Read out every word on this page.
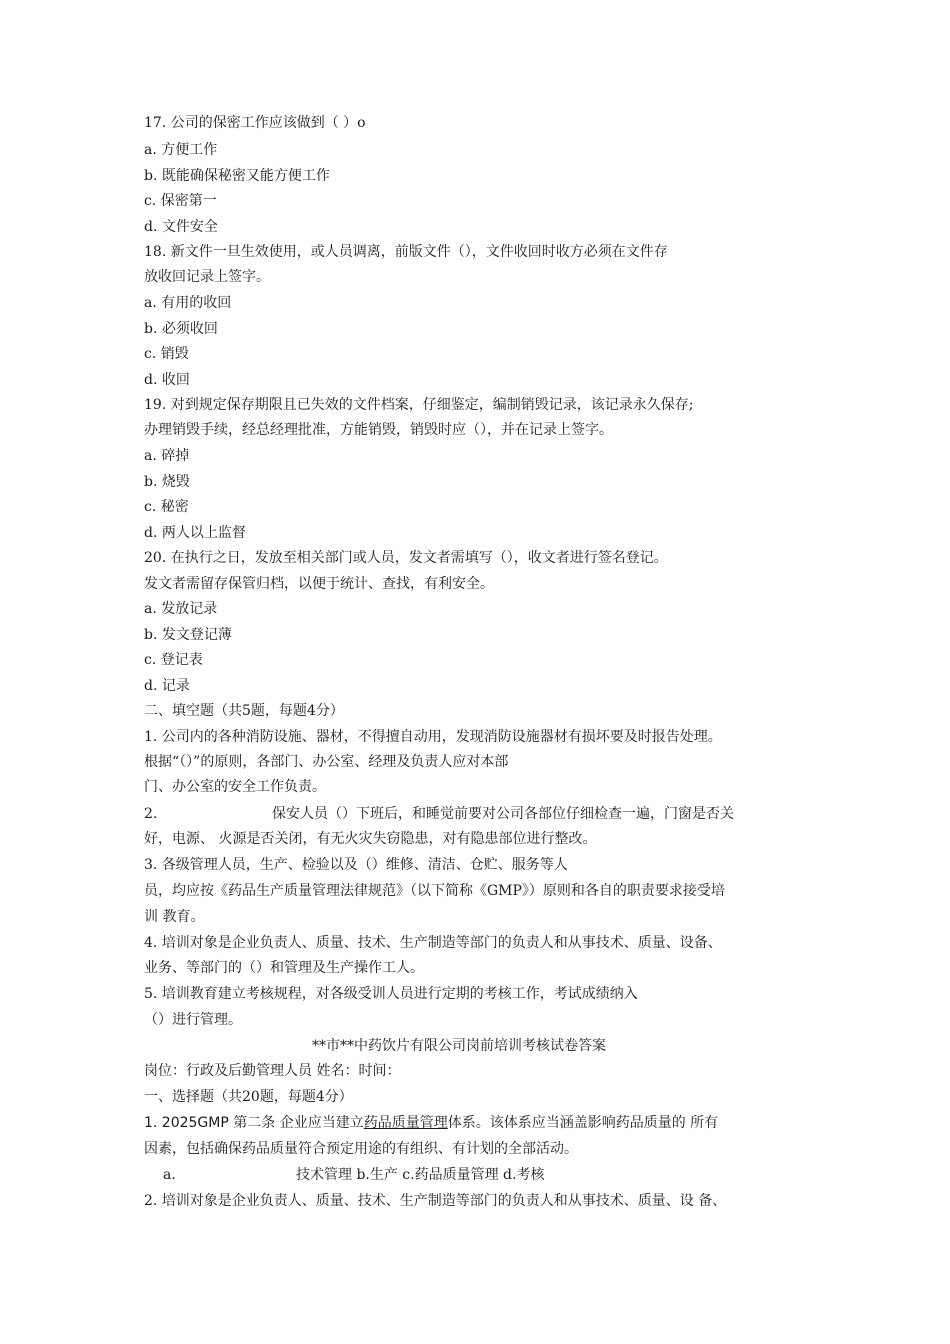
17. 公司的保密工作应该做到（ ）o
a. 方便工作
b. 既能确保秘密又能方便工作
c. 保密第一
d. 文件安全
18. 新文件一旦生效使用，或人员调离，前版文件（），文件收回时收方必须在文件存
放收回记录上签字。
a. 有用的收回
b. 必须收回
c. 销毁
d. 收回
19. 对到规定保存期限且已失效的文件档案，仔细鉴定，编制销毁记录，该记录永久保存;
办理销毁手续，经总经理批准，方能销毁，销毁时应（），并在记录上签字。
a. 碎掉
b. 烧毁
c. 秘密
d. 两人以上监督
20. 在执行之日，发放至相关部门或人员，发文者需填写（），收文者进行签名登记。
发文者需留存保管归档，以便于统计、查找，有利安全。
a. 发放记录
b. 发文登记薄
c. 登记表
d. 记录
二、填空题（共5题，每题4分）
1. 公司内的各种消防设施、器材，不得擅自动用，发现消防设施器材有损坏要及时报告处理。
根据“（）”的原则，各部门、办公室、经理及负责人应对本部
门、办公室的安全工作负责。
2.	保安人员（）下班后，和睡觉前要对公司各部位仔细检查一遍，门窗是否关
好，电源、 火源是否关闭，有无火灾失窃隐患，对有隐患部位进行整改。
3. 各级管理人员，生产、检验以及（）维修、清洁、仓贮、服务等人
员，均应按《药品生产质量管理法律规范》（以下简称《GMP》）原则和各自的职责要求接受培
训 教育。
4. 培训对象是企业负责人、质量、技术、生产制造等部门的负责人和从事技术、质量、设备、
业务、等部门的（）和管理及生产操作工人。
5. 培训教育建立考核规程，对各级受训人员进行定期的考核工作，考试成绩纳入
（）进行管理。
**市**中药饮片有限公司岗前培训考核试卷答案
岗位：行政及后勤管理人员 姓名：时间：
一、选择题（共20题，每题4分）
1. 2025GMP 第二条 企业应当建立药品质量管理体系。该体系应当涵盖影响药品质量的 所有
因素，包括确保药品质量符合预定用途的有组织、有计划的全部活动。
a.	技术管理 b.生产 c.药品质量管理 d.考核
2. 培训对象是企业负责人、质量、技术、生产制造等部门的负责人和从事技术、质量、设 备、
